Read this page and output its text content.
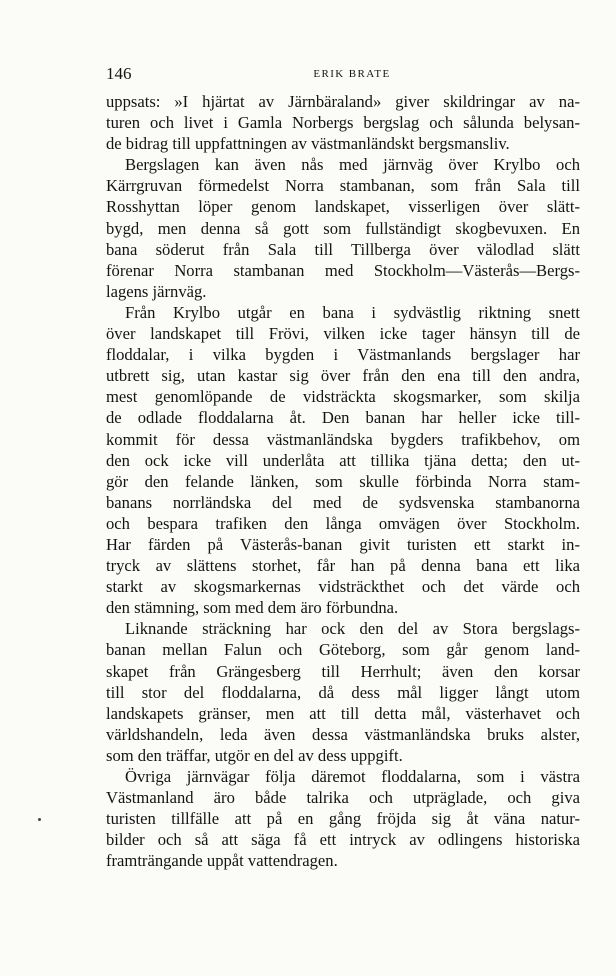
146	ERIK BRATE
uppsats: »I hjärtat av Järnbäraland» giver skildringar av na-
turen och livet i Gamla Norbergs bergslag och sålunda belysan-
de bidrag till uppfattningen av västmanländskt bergsmansliv.
Bergslagen kan även nås med järnväg över Krylbo och
Kärrgruvan förmedelst Norra stambanan, som från Sala till
Rosshyttan löper genom landskapet, visserligen över slätt-
bygd, men denna så gott som fullständigt skogbevuxen. En
bana söderut från Sala till Tillberga över välodlad slätt
förenar Norra stambanan med Stockholm—Västerås—Bergs-
lagens järnväg.
Från Krylbo utgår en bana i sydvästlig riktning snett
över landskapet till Frövi, vilken icke tager hänsyn till de
floddalar, i vilka bygden i Västmanlands bergslager har
utbrett sig, utan kastar sig över från den ena till den andra,
mest genomlöpande de vidsträckta skogsmarker, som skilja
de odlade floddalarna åt. Den banan har heller icke till-
kommit för dessa västmanländska bygders trafikbehov, om
den ock icke vill underlåta att tillika tjäna detta; den ut-
gör den felande länken, som skulle förbinda Norra stam-
banans norrländska del med de sydsvenska stambanorna
och bespara trafiken den långa omvägen över Stockholm.
Har färden på Västerås-banan givit turisten ett starkt in-
tryck av slättens storhet, får han på denna bana ett lika
starkt av skogsmarkernas vidsträckthet och det värde och
den stämning, som med dem äro förbundna.
Liknande sträckning har ock den del av Stora bergslags-
banan mellan Falun och Göteborg, som går genom land-
skapet från Grängesberg till Herrhult; även den korsar
till stor del floddalarna, då dess mål ligger långt utom
landskapets gränser, men att till detta mål, västerhavet och
världshandeln, leda även dessa västmanländska bruks alster,
som den träffar, utgör en del av dess uppgift.
Övriga järnvägar följa däremot floddalarna, som i västra
Västmanland äro både talrika och utpräglade, och giva
turisten tillfälle att på en gång fröjda sig åt väna natur-
bilder och så att säga få ett intryck av odlingens historiska
framträngande uppåt vattendragen.
